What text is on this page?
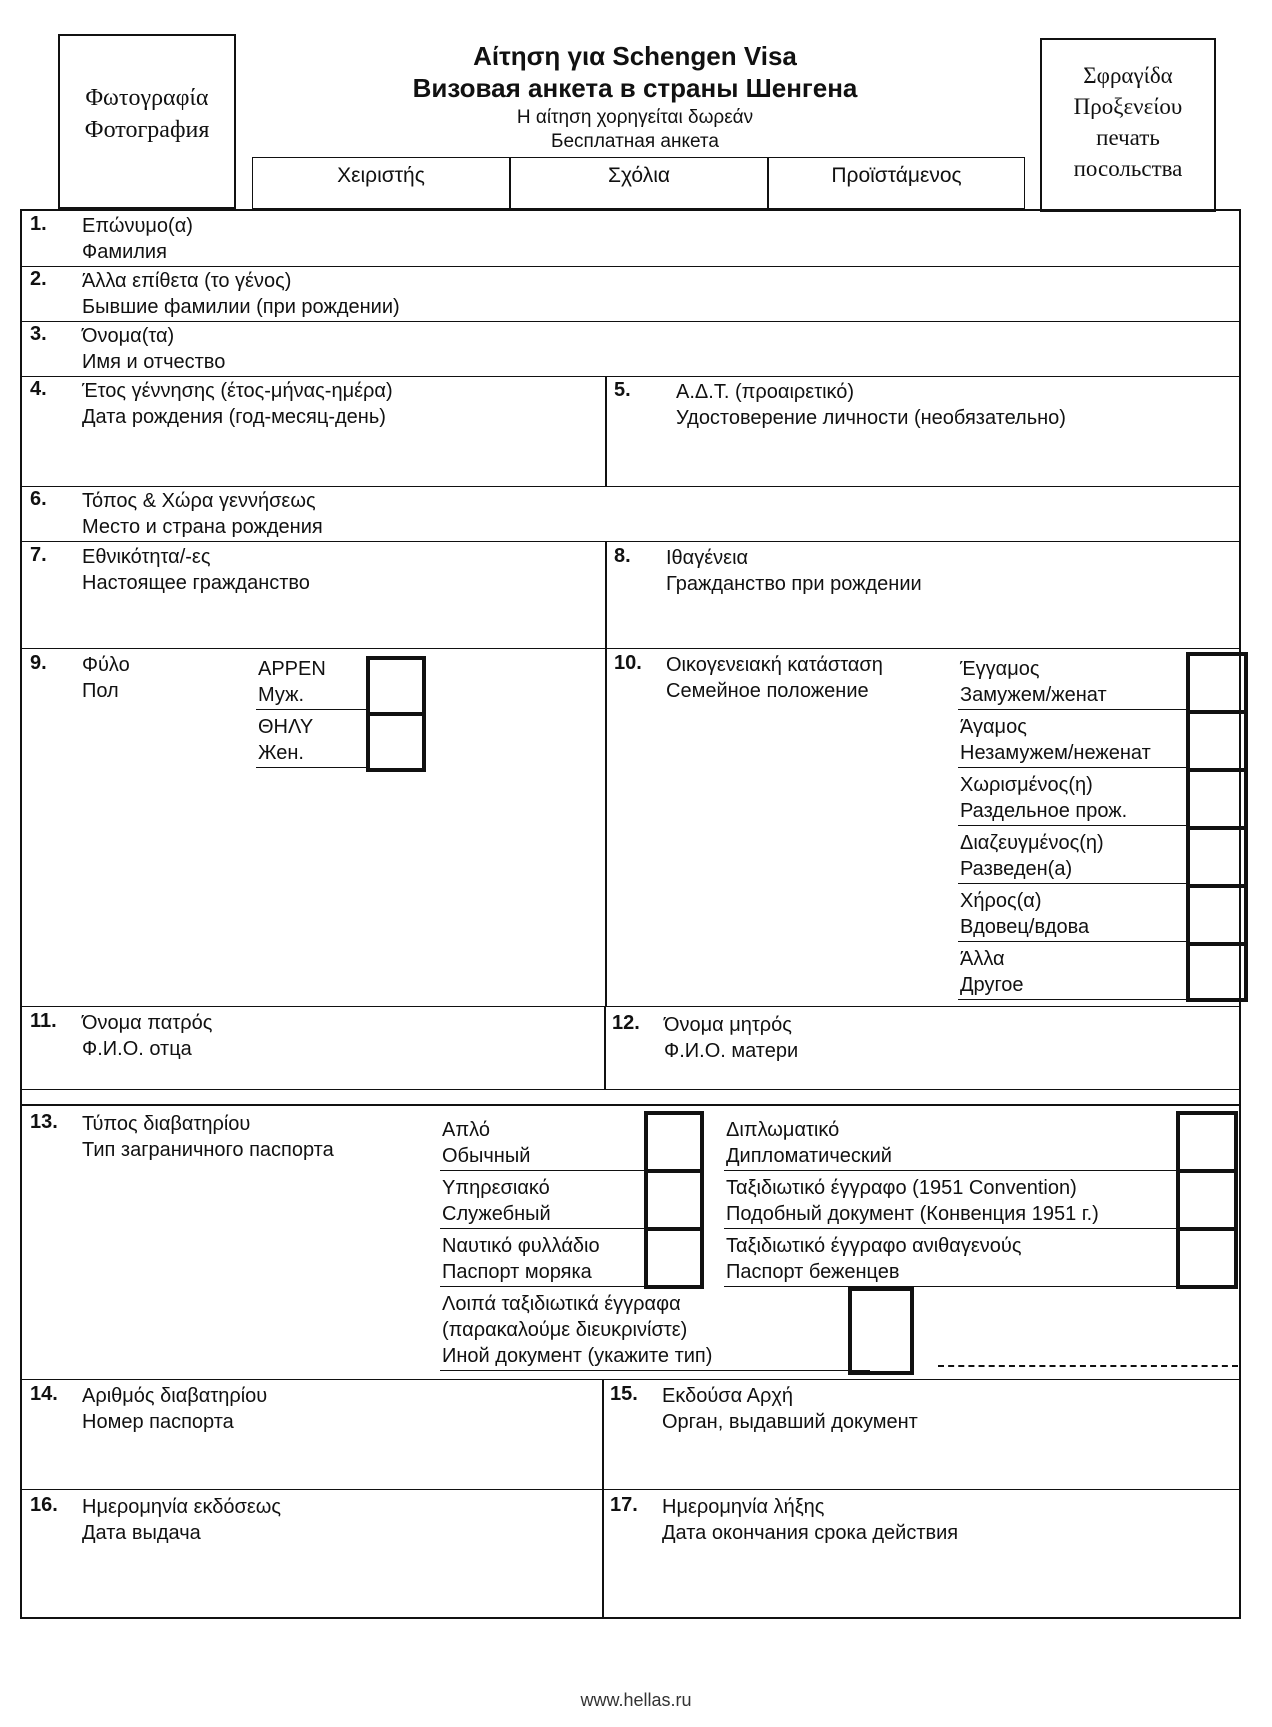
Φωτογραφία
Фотография
Αίτηση για Schengen Visa
Визовая анкета в страны Шенгена
Η αίτηση χορηγείται δωρεάν
Бесплатная анкета
Χειριστής	Σχόλια	Προϊστάμενος
Σφραγίδα
Προξενείου
печать
посольства
1. Επώνυμο(α)
Фамилия
2. Άλλα επίθετα (το γένος)
Бывшие фамилии (при рождении)
3. Όνομα(τα)
Имя и отчество
4. Έτος γέννησης (έτος-μήνας-ημέρα)
Дата рождения (год-месяц-день)
5. Α.Δ.Τ. (προαιρετικό)
Удостоверение личности (необязательно)
6. Τόπος & Χώρα γεννήσεως
Место и страна рождения
7. Εθνικότητα/-ες
Настоящее гражданство
8. Ιθαγένεια
Гражданство при рождении
9. Φύλο
Пол
ΑΡΡΕΝ
Муж.
ΘΗΛΥ
Жен.
10. Οικογενειακή κατάσταση
Семейное положение
Έγγαμος
Замужем/женат
Άγαμος
Незамужем/неженат
Χωρισμένος(η)
Раздельное прож.
Διαζευγμένος(η)
Разведен(а)
Χήρος(α)
Вдовец/вдова
Άλλα
Другое
11. Όνομα πατρός
Ф.И.О. отца
12. Όνομα μητρός
Ф.И.О. матери
13. Τύπος διαβατηρίου
Тип заграничного паспорта
Απλό
Обычный
Υπηρεσιακό
Служебный
Ναυτικό φυλλάδιο
Паспорт моряка
Διπλωματικό
Дипломатический
Ταξιδιωτικό έγγραφο (1951 Convention)
Подобный документ (Конвенция 1951 г.)
Ταξιδιωτικό έγγραφο ανιθαγενούς
Паспорт беженцев
Λοιπά ταξιδιωτικά έγγραφα
(παρακαλούμε διευκρινίστε)
Иной документ (укажите тип)
14. Αριθμός διαβατηρίου
Номер паспорта
15. Εκδούσα Αρχή
Орган, выдавший документ
16. Ημερομηνία εκδόσεως
Дата выдача
17. Ημερομηνία λήξης
Дата окончания срока действия
www.hellas.ru
